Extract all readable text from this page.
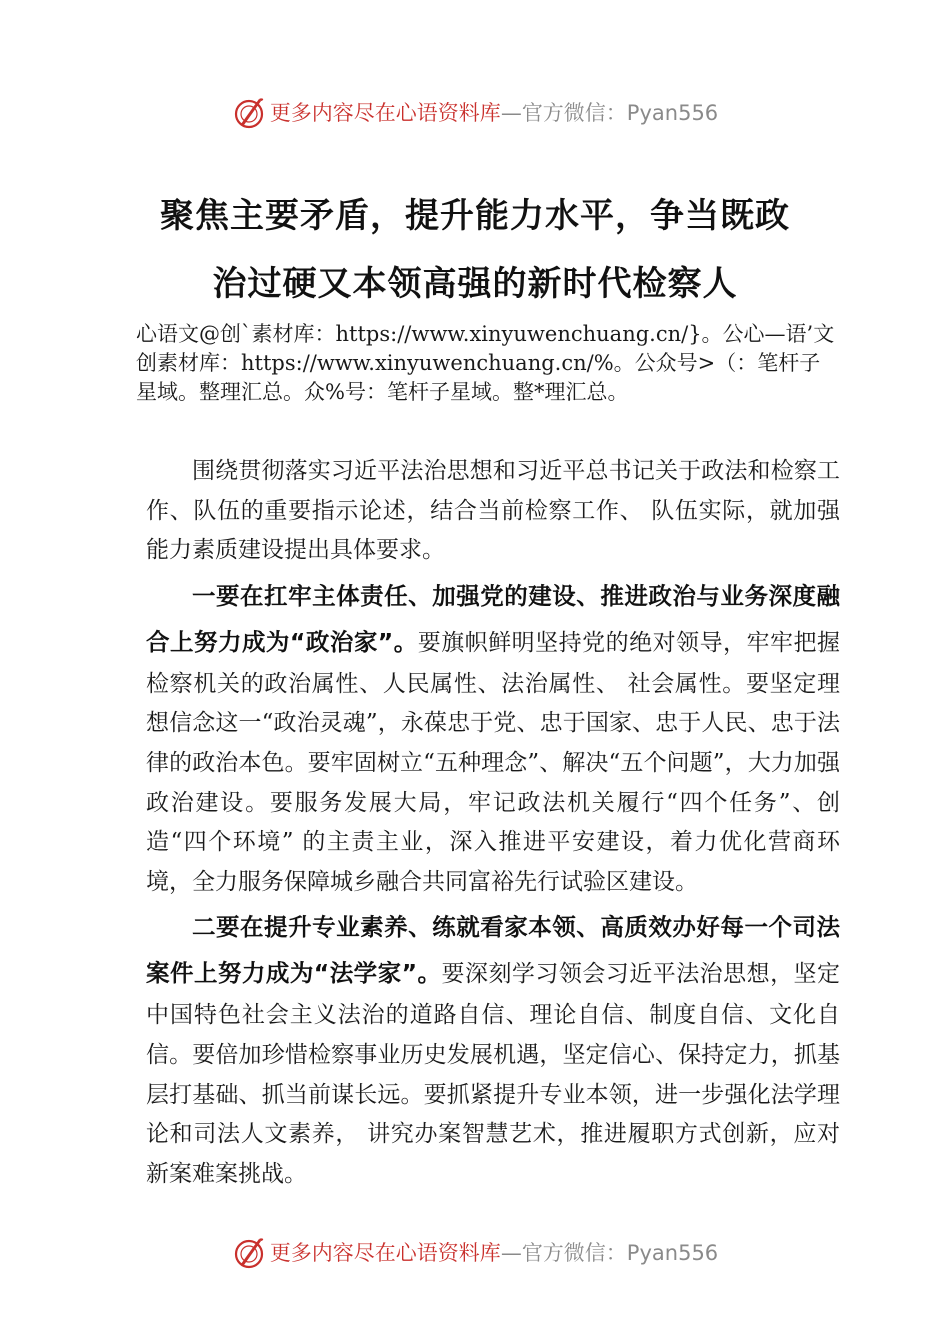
更多内容尽在心语资料库 —官方微信：Pyan556
聚焦主要矛盾，提升能力水平，争当既政
治过硬又本领高强的新时代检察人
心语文@创`素材库：https://www.xinyuwenchuang.cn/}。公心—语’文创素材库：https://www.xinyuwenchuang.cn/%。公众号>（：笔杆子星域。整理汇总。众%号：笔杆子星域。整*理汇总。

围绕贯彻落实习近平法治思想和习近平总书记关于政法和检察工作、队伍的重要指示论述，结合当前检察工作、 队伍实际，就加强能力素质建设提出具体要求。

一要在扛牢主体责任、加强党的建设、推进政治与业务深度融合上努力成为“政治家”。要旗帜鲜明坚持党的绝对领导，牢牢把握检察机关的政治属性、人民属性、法治属性、 社会属性。要坚定理想信念这一“政治灵魂”，永葆忠于党、忠于国家、忠于人民、忠于法律的政治本色。要牢固树立“五种理念”、解决“五个问题”，大力加强政治建设。要服务发展大局，牢记政法机关履行“四个任务”、创造“四个环境” 的主责主业，深入推进平安建设，着力优化营商环境，全力服务保障城乡融合共同富裕先行试验区建设。

二要在提升专业素养、练就看家本领、高质效办好每一个司法案件上努力成为“法学家”。要深刻学习领会习近平法治思想，坚定中国特色社会主义法治的道路自信、理论自信、制度自信、文化自信。要倍加珍惜检察事业历史发展机遇，坚定信心、保持定力，抓基层打基础、抓当前谋长远。要抓紧提升专业本领，进一步强化法学理论和司法人文素养， 讲究办案智慧艺术，推进履职方式创新，应对新案难案挑战。

更多内容尽在心语资料库 —官方微信：Pyan556
